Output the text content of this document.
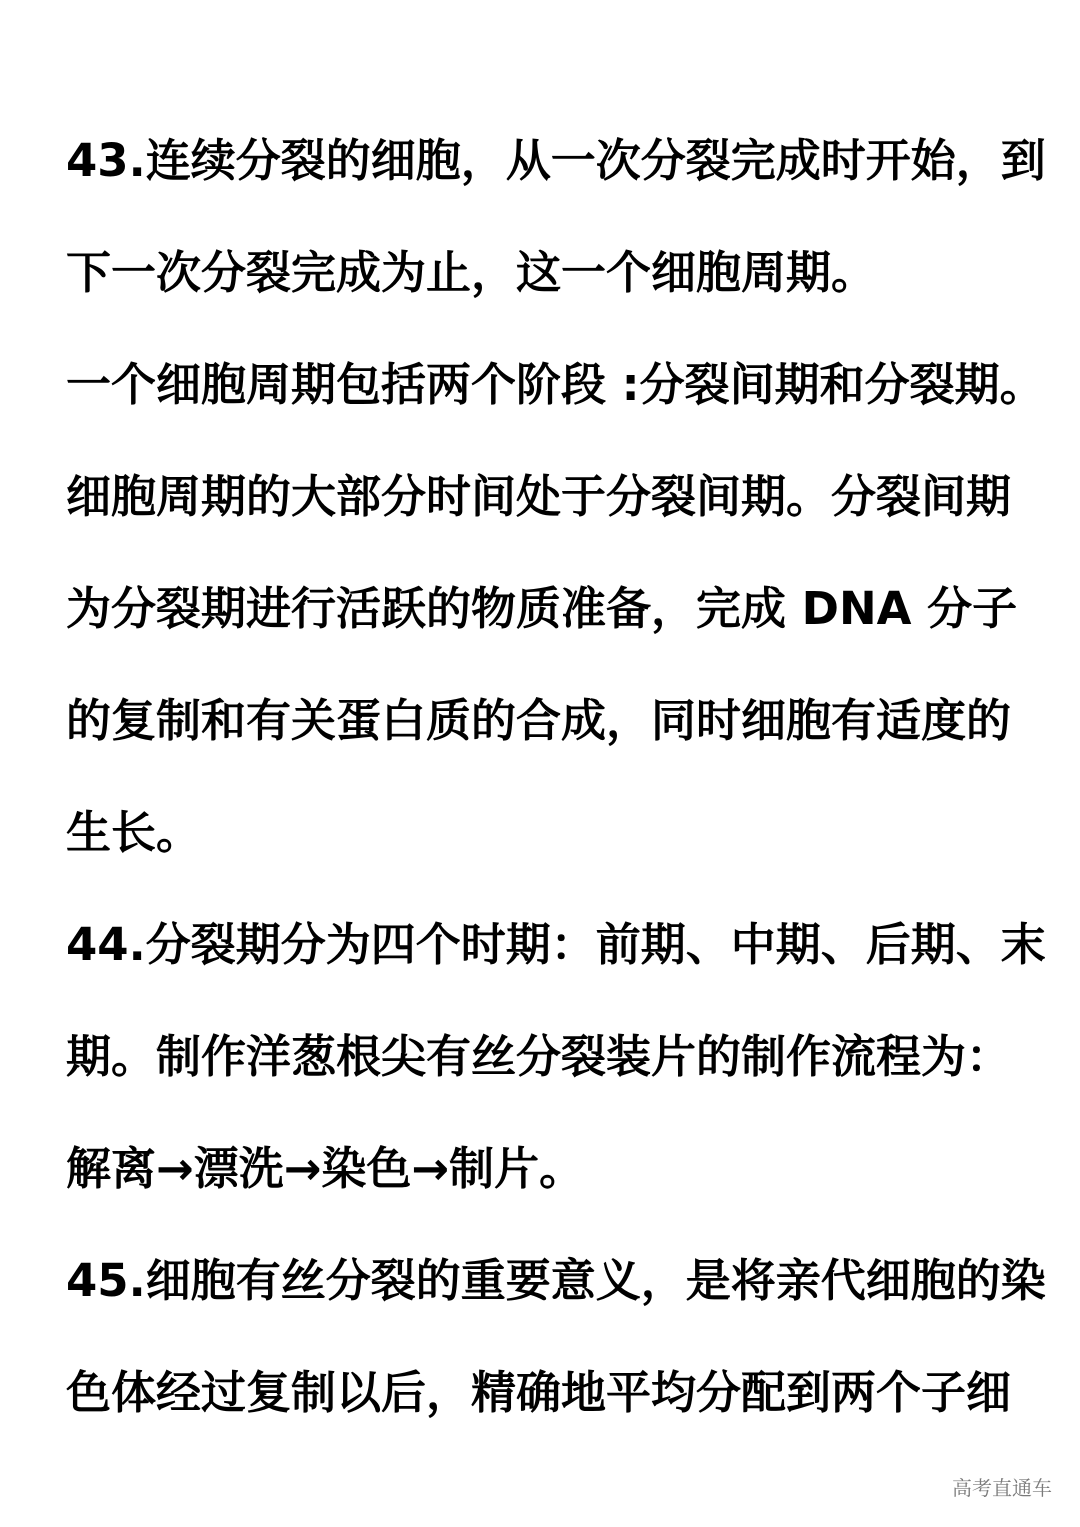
43.连续分裂的细胞，从一次分裂完成时开始，到
下一次分裂完成为止，这一个细胞周期。
一个细胞周期包括两个阶段 :分裂间期和分裂期。
细胞周期的大部分时间处于分裂间期。分裂间期
为分裂期进行活跃的物质准备，完成 DNA 分子
的复制和有关蛋白质的合成，同时细胞有适度的
生长。
44.分裂期分为四个时期：前期、中期、后期、末
期。制作洋葱根尖有丝分裂装片的制作流程为：
解离→漂洗→染色→制片。
45.细胞有丝分裂的重要意义，是将亲代细胞的染
色体经过复制以后，精确地平均分配到两个子细
高考直通车
